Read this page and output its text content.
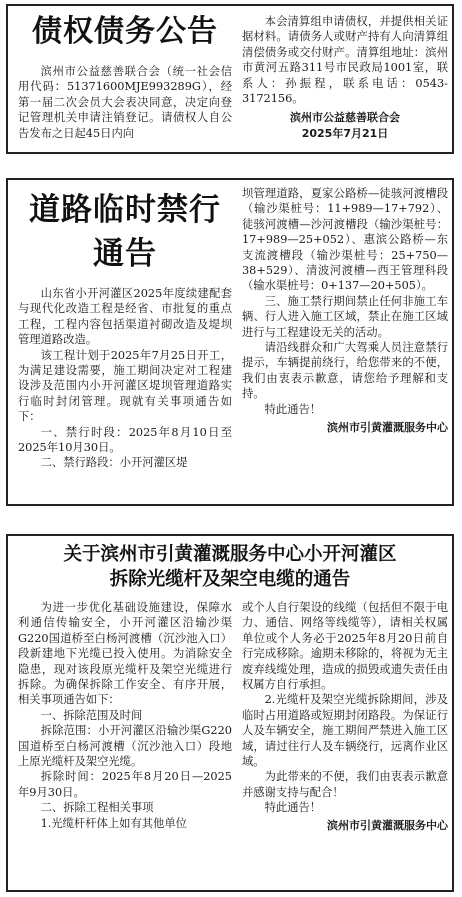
债权债务公告

滨州市公益慈善联合会（统一社会信用代码：51371600MJE993289G），经第一届二次会员大会表决同意，决定向登记管理机关申请注销登记。请债权人自公告发布之日起45日内向

本会清算组申请债权，并提供相关证据材料。请债务人或财产持有人向清算组清偿债务或交付财产。清算组地址：滨州市黄河五路311号市民政局1001室，联系人：孙振程，联系电话：0543-3172156。

滨州市公益慈善联合会
2025年7月21日
道路临时禁行通告

山东省小开河灌区2025年度续建配套与现代化改造工程是经省、市批复的重点工程，工程内容包括渠道衬砌改造及堤坝管理道路改造。

该工程计划于2025年7月25日开工，为满足建设需要，施工期间决定对工程建设涉及范围内小开河灌区堤坝管理道路实行临时封闭管理。现就有关事项通告如下：

一、禁行时段：2025年8月10日至2025年10月30日。

二、禁行路段：小开河灌区堤

坝管理道路，夏家公路桥—徒骇河渡槽段（输沙渠桩号：11+989—17+792）、徒骇河渡槽—沙河渡槽段（输沙渠桩号：17+989—25+052）、惠滨公路桥—东支流渡槽段（输沙渠桩号：25+750—38+529）、清波河渡槽—西王管理科段（输水渠桩号：0+137—20+505）。

三、施工禁行期间禁止任何非施工车辆、行人进入施工区域，禁止在施工区域进行与工程建设无关的活动。

请沿线群众和广大驾乘人员注意禁行提示，车辆提前绕行，给您带来的不便，我们由衷表示歉意，请您给予理解和支持。

特此通告！

滨州市引黄灌溉服务中心
关于滨州市引黄灌溉服务中心小开河灌区
拆除光缆杆及架空电缆的通告

为进一步优化基础设施建设，保障水利通信传输安全，小开河灌区沿输沙渠G220国道桥至白杨河渡槽（沉沙池入口）段新建地下光缆已投入使用。为消除安全隐患，现对该段原光缆杆及架空光缆进行拆除。为确保拆除工作安全、有序开展，相关事项通告如下：

一、拆除范围及时间

拆除范围：小开河灌区沿输沙渠G220国道桥至白杨河渡槽（沉沙池入口）段地上原光缆杆及架空光缆。

拆除时间：2025年8月20日—2025年9月30日。

二、拆除工程相关事项

1.光缆杆杆体上如有其他单位

或个人自行架设的线缆（包括但不限于电力、通信、网络等线缆等），请相关权属单位或个人务必于2025年8月20日前自行完成移除。逾期未移除的，将视为无主废弃线缆处理，造成的损毁或遗失责任由权属方自行承担。

2.光缆杆及架空光缆拆除期间，涉及临时占用道路或短期封闭路段。为保证行人及车辆安全，施工期间严禁进入施工区域，请过往行人及车辆绕行，远离作业区域。

为此带来的不便，我们由衷表示歉意并感谢支持与配合！

特此通告！

滨州市引黄灌溉服务中心
